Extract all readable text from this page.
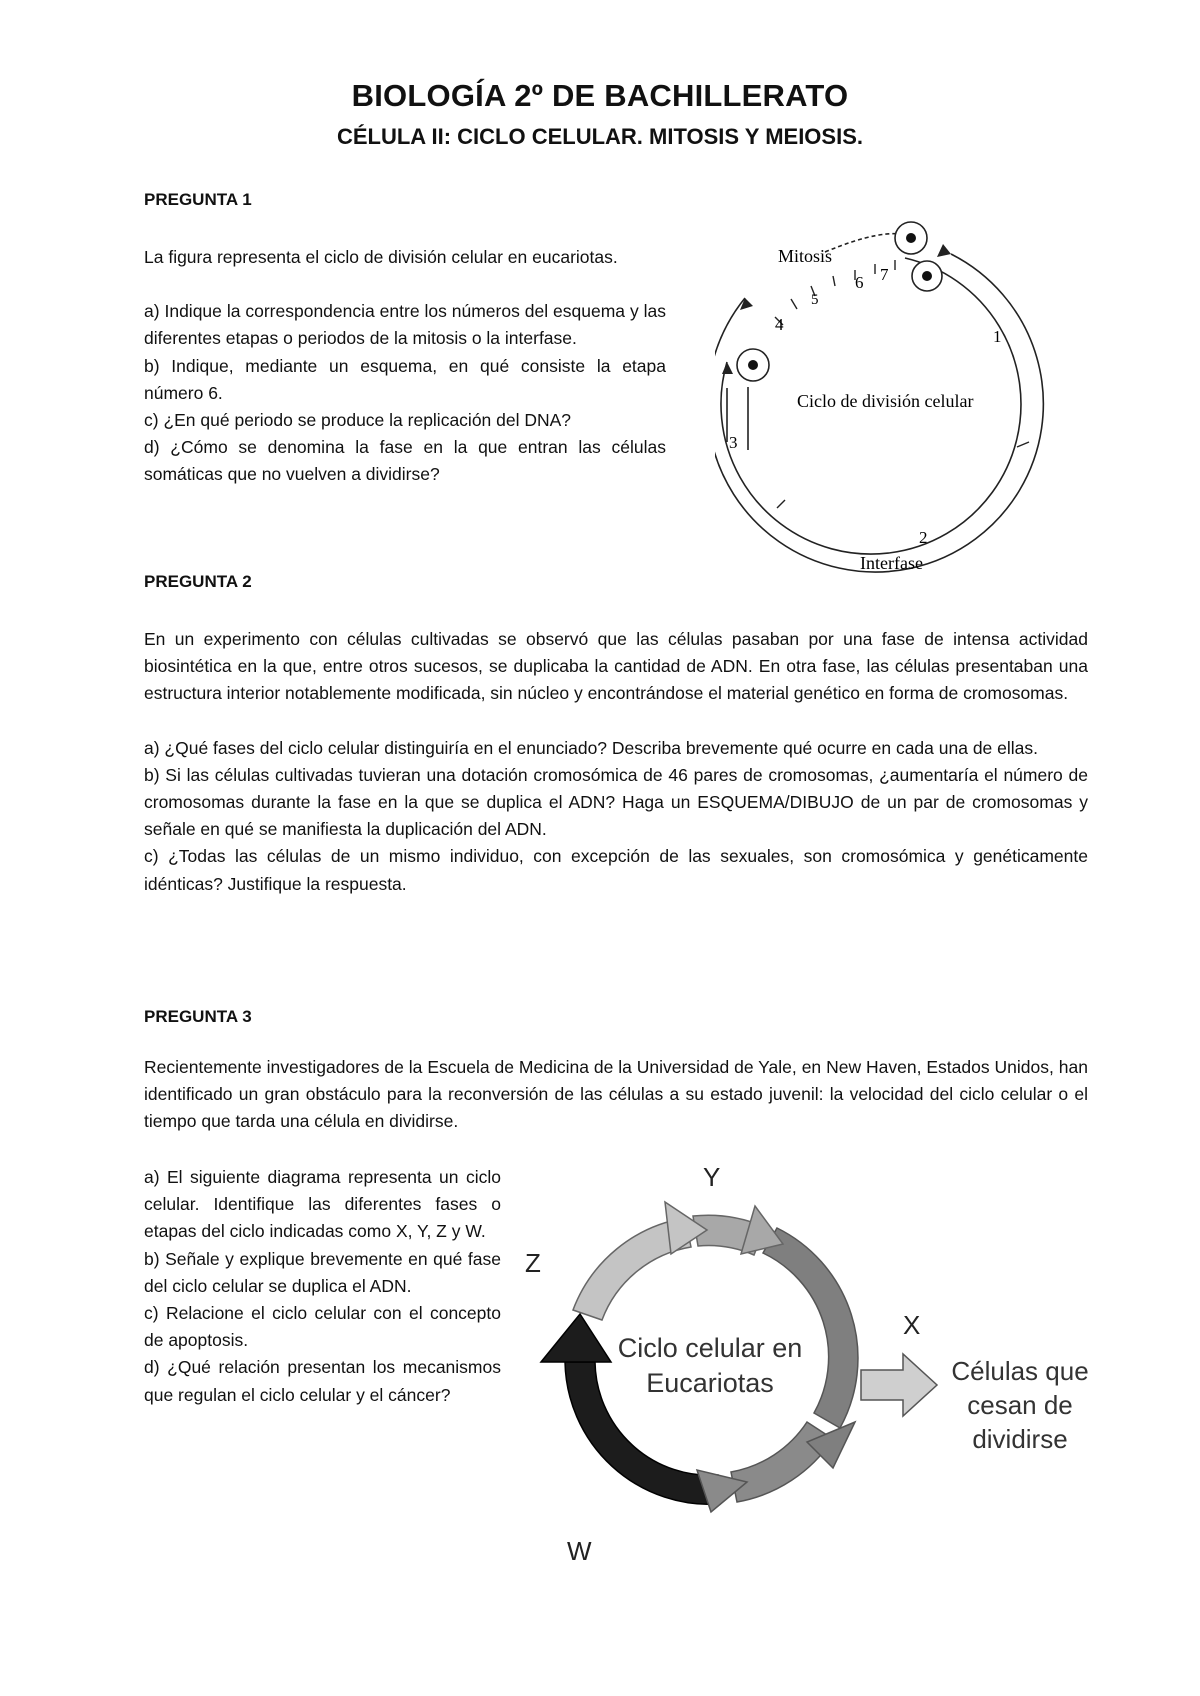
BIOLOGÍA 2º DE BACHILLERATO
CÉLULA II: CICLO CELULAR. MITOSIS Y MEIOSIS.
PREGUNTA 1

La figura representa el ciclo de división celular en eucariotas.

a) Indique la correspondencia entre los números del esquema y las diferentes etapas o periodos de la mitosis o la interfase.

b) Indique, mediante un esquema, en qué consiste la etapa número 6.

c) ¿En qué periodo se produce la replicación del DNA?

d) ¿Cómo se denomina la fase en la que entran las células somáticas que no vuelven a dividirse?

Mitosis
Ciclo de división celular
Interfase
1
2
3
4
5
6 7
PREGUNTA 2

En un experimento con células cultivadas se observó que las células pasaban por una fase de intensa actividad biosintética en la que, entre otros sucesos, se duplicaba la cantidad de ADN. En otra fase, las células presentaban una estructura interior notablemente modificada, sin núcleo y encontrándose el material genético en forma de cromosomas.

a) ¿Qué fases del ciclo celular distinguiría en el enunciado? Describa brevemente qué ocurre en cada una de ellas.

b) Si las células cultivadas tuvieran una dotación cromosómica de 46 pares de cromosomas, ¿aumentaría el número de cromosomas durante la fase en la que se duplica el ADN? Haga un ESQUEMA/DIBUJO de un par de cromosomas y señale en qué se manifiesta la duplicación del ADN.

c) ¿Todas las células de un mismo individuo, con excepción de las sexuales, son cromosómica y genéticamente idénticas? Justifique la respuesta.

PREGUNTA 3
Recientemente investigadores de la Escuela de Medicina de la Universidad de Yale, en New Haven, Estados Unidos, han identificado un gran obstáculo para la reconversión de las células a su estado juvenil: la velocidad del ciclo celular o el tiempo que tarda una célula en dividirse.

a) El siguiente diagrama representa un ciclo celular. Identifique las diferentes fases o etapas del ciclo indicadas como X, Y, Z y W.

b) Señale y explique brevemente en qué fase del ciclo celular se duplica el ADN.

c) Relacione el ciclo celular con el concepto de apoptosis.

d) ¿Qué relación presentan los mecanismos que regulan el ciclo celular y el cáncer?

Y
Z
X
W
Ciclo celular en
Eucariotas	Células que
cesan de
dividirse
